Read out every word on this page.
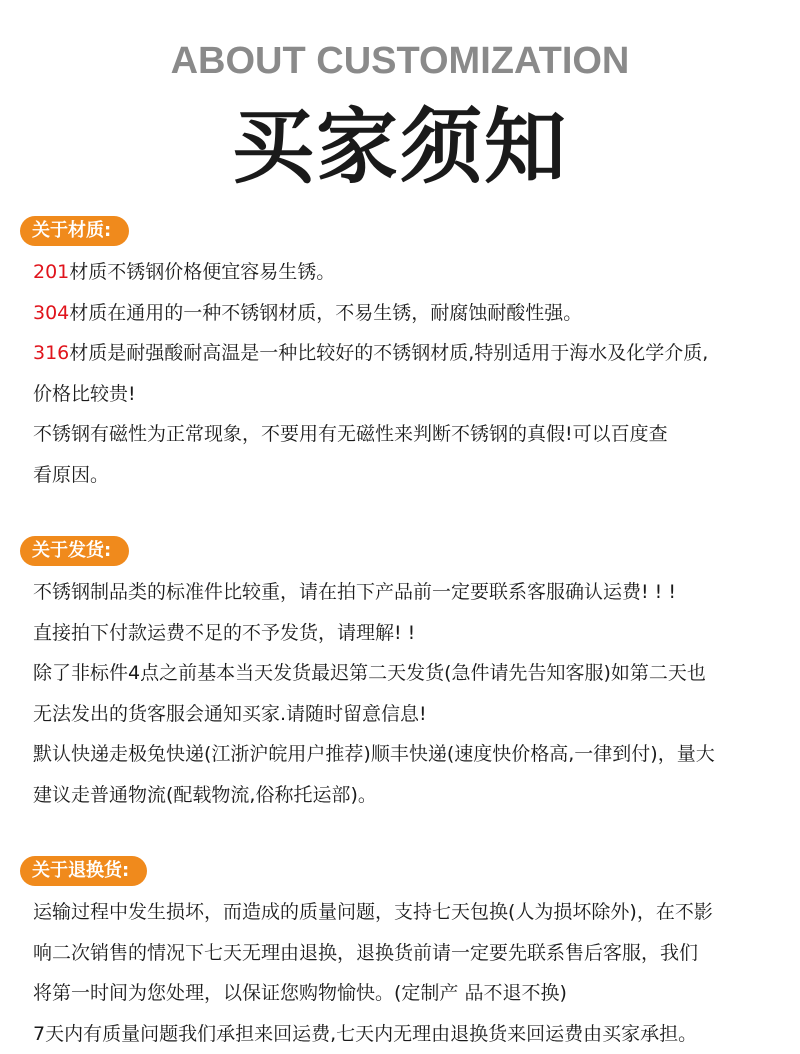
ABOUT CUSTOMIZATION
买家须知
关于材质:

201材质不锈钢价格便宜容易生锈。

304材质在通用的一种不锈钢材质，不易生锈，耐腐蚀耐酸性强。

316材质是耐强酸耐高温是一种比较好的不锈钢材质,特别适用于海水及化学介质,

价格比较贵!

不锈钢有磁性为正常现象，不要用有无磁性来判断不锈钢的真假!可以百度查

看原因。

关于发货:

不锈钢制品类的标准件比较重，请在拍下产品前一定要联系客服确认运费! ! !

直接拍下付款运费不足的不予发货，请理解! !

除了非标件4点之前基本当天发货最迟第二天发货(急件请先告知客服)如第二天也

无法发出的货客服会通知买家.请随时留意信息!

默认快递走极兔快递(江浙沪皖用户推荐)顺丰快递(速度快价格高,一律到付)，量大

建议走普通物流(配载物流,俗称托运部)。

关于退换货:

运输过程中发生损坏，而造成的质量问题，支持七天包换(人为损坏除外)，在不影

响二次销售的情况下七天无理由退换，退换货前请一定要先联系售后客服，我们

将第一时间为您处理，以保证您购物愉快。(定制产 品不退不换)

7天内有质量问题我们承担来回运费,七天内无理由退换货来回运费由买家承担。
